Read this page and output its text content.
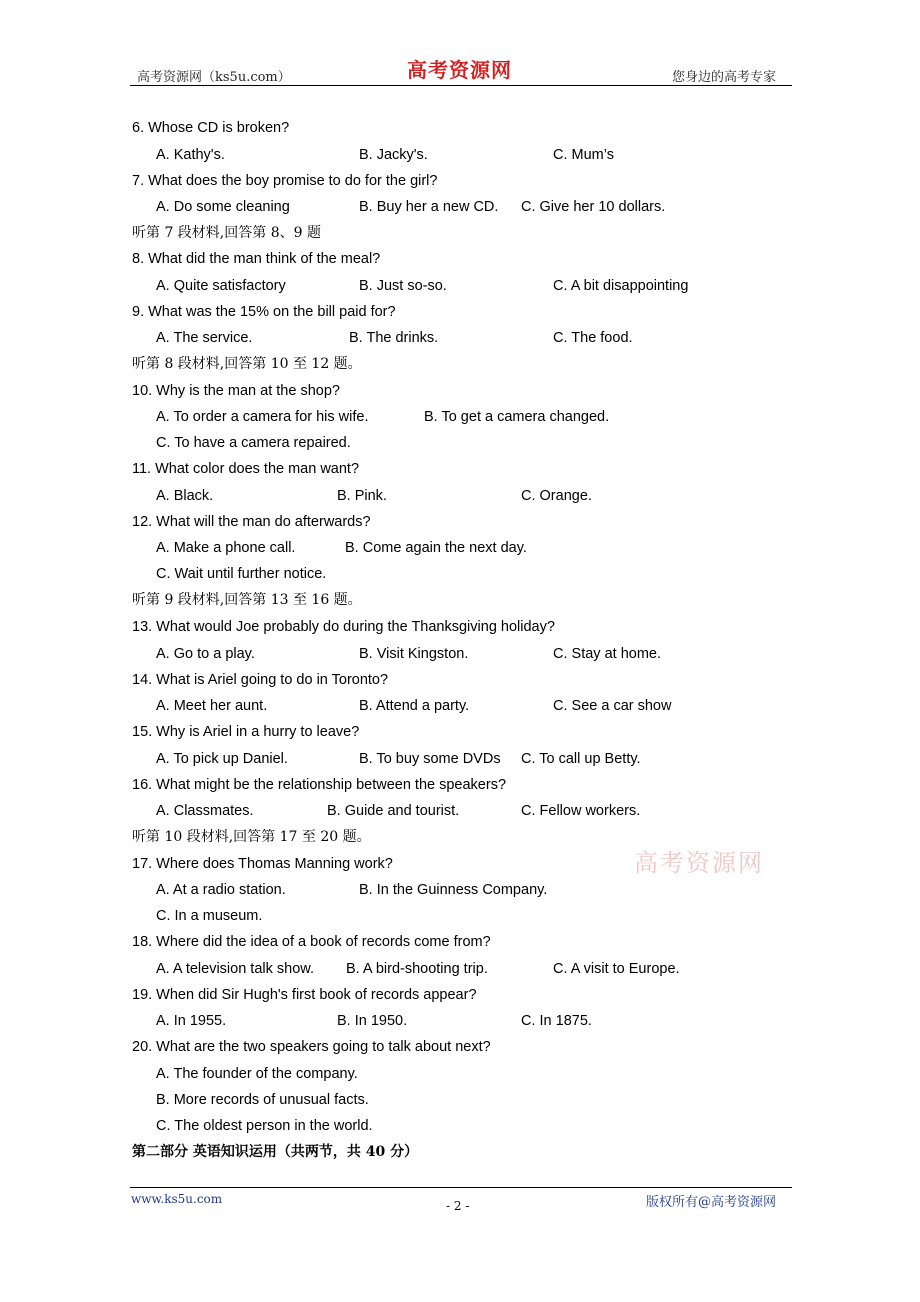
高考资源网（ks5u.com）	高考资源网	您身边的高考专家
6. Whose CD is broken?
A. Kathy's.	B. Jacky's.	C. Mum’s
7. What does the boy promise to do for the girl?
A. Do some cleaning	B. Buy her a new CD. C. Give her 10 dollars.
听第 7 段材料,回答第 8、9 题
8. What did the man think of the meal?
A. Quite satisfactory	B. Just so-so.	C. A bit disappointing
9. What was the 15% on the bill paid for?
A. The service.	B. The drinks.	C. The food.
听第 8 段材料,回答第 10 至 12 题。
10. Why is the man at the shop?
A. To order a camera for his wife.	B. To get a camera changed.
C. To have a camera repaired.
11. What color does the man want?
A. Black.	B. Pink.	C. Orange.
12. What will the man do afterwards?
A. Make a phone call.	B. Come again the next day.
C. Wait until further notice.
听第 9 段材料,回答第 13 至 16 题。
13. What would Joe probably do during the Thanksgiving holiday?
A. Go to a play.	B. Visit Kingston.	C. Stay at home.
14. What is Ariel going to do in Toronto?
A. Meet her aunt.	B. Attend a party.	C. See a car show
15. Why is Ariel in a hurry to leave?
A. To pick up Daniel.	B. To buy some DVDs C. To call up Betty.
16. What might be the relationship between the speakers?
A. Classmates.	B. Guide and tourist.	C. Fellow workers.
听第 10 段材料,回答第 17 至 20 题。
17. Where does Thomas Manning work?
A. At a radio station.	B. In the Guinness Company.
C. In a museum.
18. Where did the idea of a book of records come from?
A. A television talk show. B. A bird-shooting trip.	C. A visit to Europe.
19. When did Sir Hugh's first book of records appear?
A. In 1955.	B. In 1950.	C. In 1875.
20. What are the two speakers going to talk about next?
A. The founder of the company.
B. More records of unusual facts.
C. The oldest person in the world.
第二部分 英语知识运用（共两节，共 40 分）
高考资源网
www.ks5u.com	- 2 -	版权所有@高考资源网
